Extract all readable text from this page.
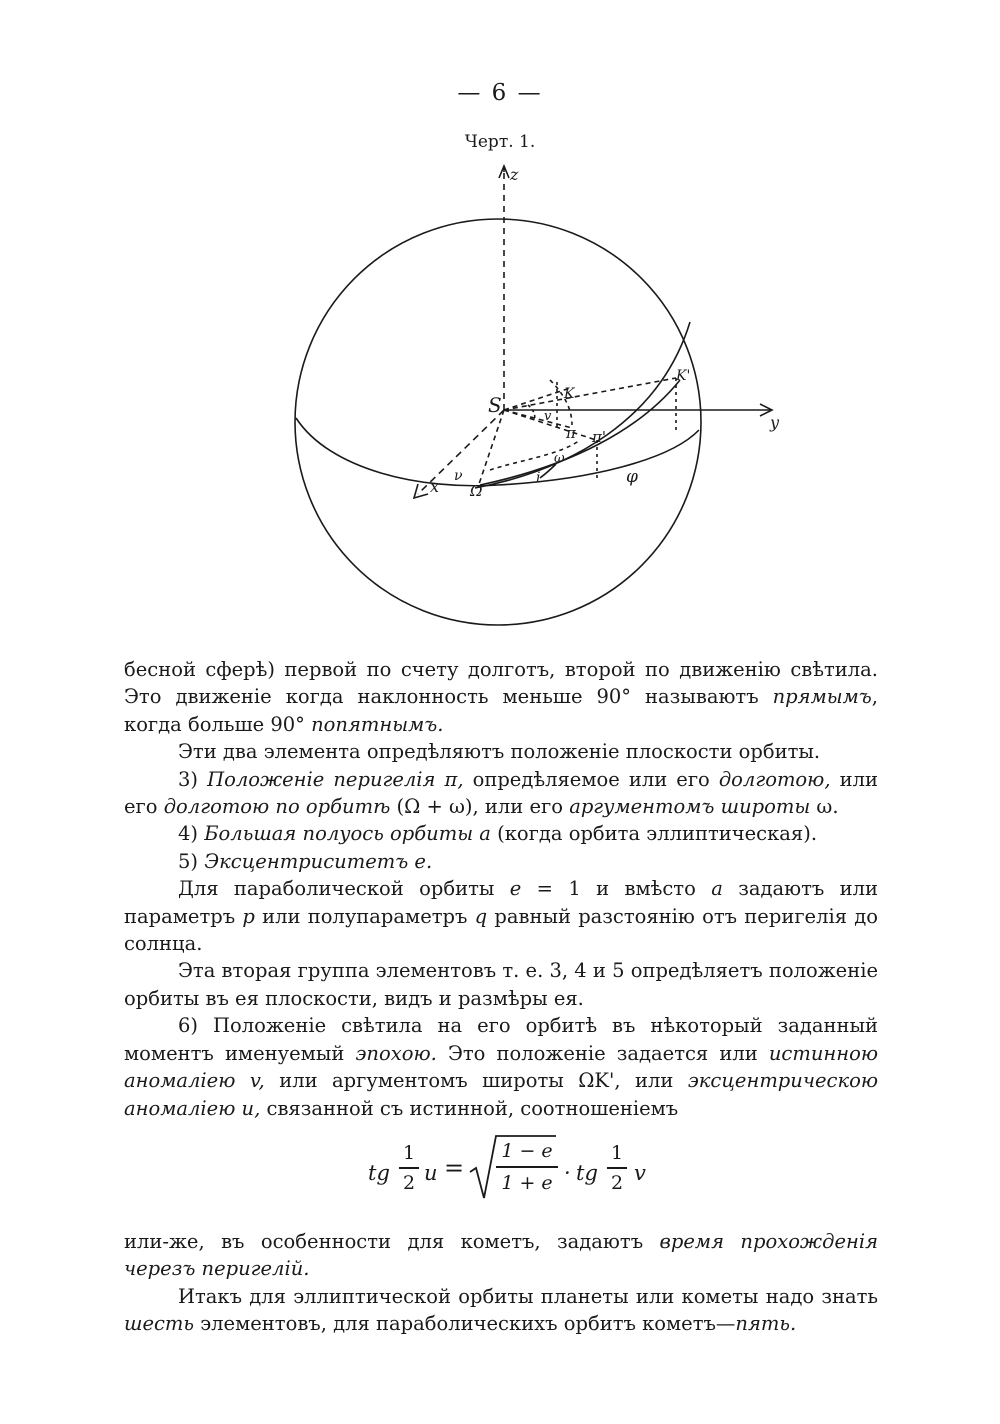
— 6 —
Черт. 1.
z
y
x
S	K
K'
π π'
v
ω
i	φ
Ω
ν

бесной сферѣ) первой по счету долготъ, второй по движенію свѣтила. Это движеніе когда наклонность меньше 90° называютъ прямымъ, когда больше 90° попятнымъ.

Эти два элемента опредѣляютъ положеніе плоскости орбиты.

3) Положеніе перигелія π, опредѣляемое или его долготою, или его долготою по орбитѣ (Ω + ω), или его аргументомъ широты ω.

4) Большая полуось орбиты a (когда орбита эллиптическая).

5) Эксцентриситетъ e.

Для параболической орбиты e = 1 и вмѣсто a задаютъ или параметръ p или полупараметръ q равный разстоянію отъ перигелія до солнца.

Эта вторая группа элементовъ т. е. 3, 4 и 5 опредѣляетъ положеніе орбиты въ ея плоскости, видъ и размѣры ея.

6) Положеніе свѣтила на его орбитѣ въ нѣкоторый заданный моментъ именуемый эпохою. Это положеніе задается или истинною аномаліею v, или аргументомъ широты ΩK', или эксцентрическою аномаліею u, связанной съ истинной, соотношеніемъ

tg
1
2 u =
1 − e
1 + e · tg
1
2 v

или-же, въ особенности для кометъ, задаютъ время прохожденія черезъ перигелій.

Итакъ для эллиптической орбиты планеты или кометы надо знать шесть элементовъ, для параболическихъ орбитъ кометъ—пять.
